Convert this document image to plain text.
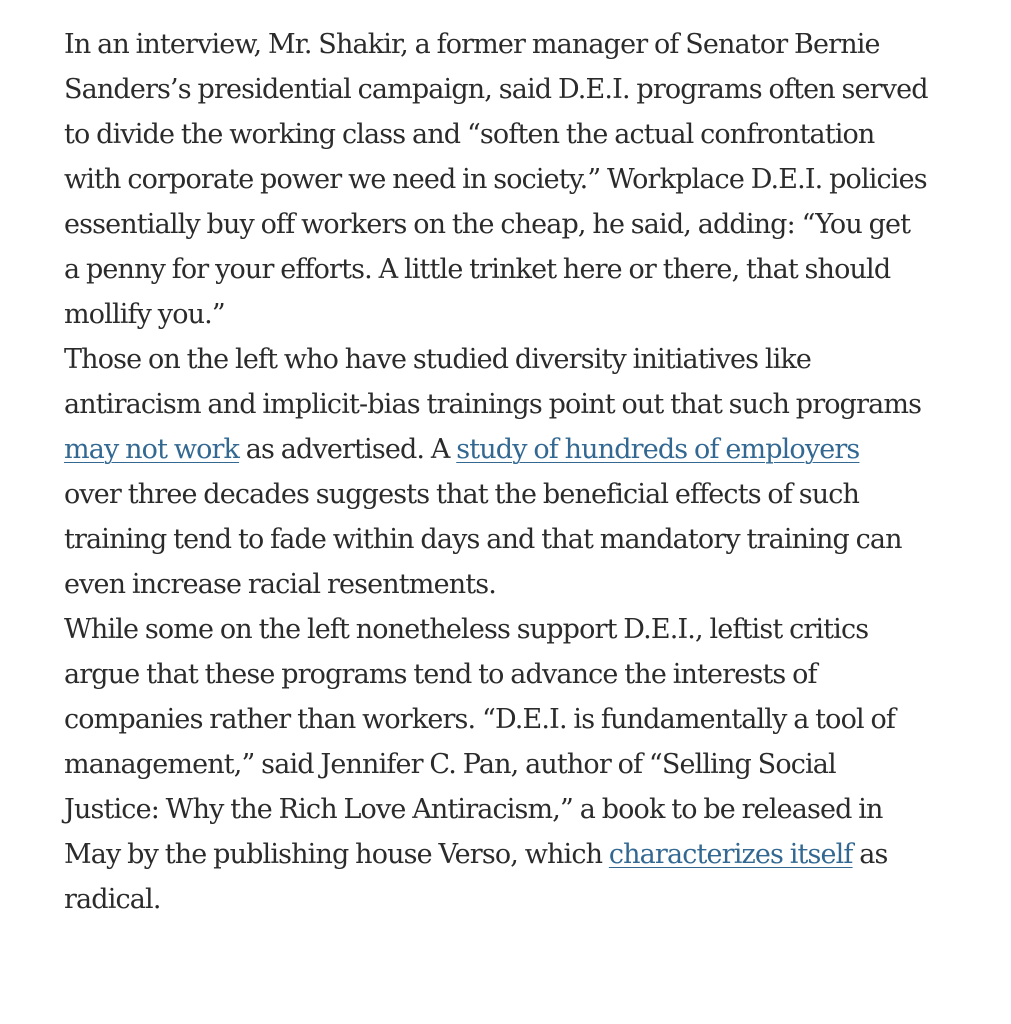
In an interview, Mr. Shakir, a former manager of Senator Bernie
Sanders’s presidential campaign, said D.E.I. programs often served
to divide the working class and “soften the actual confrontation
with corporate power we need in society.” Workplace D.E.I. policies
essentially buy off workers on the cheap, he said, adding: “You get
a penny for your efforts. A little trinket here or there, that should
mollify you.”

Those on the left who have studied diversity initiatives like
antiracism and implicit-bias trainings point out that such programs
may not work as advertised. A study of hundreds of employers
over three decades suggests that the beneficial effects of such
training tend to fade within days and that mandatory training can
even increase racial resentments.

While some on the left nonetheless support D.E.I., leftist critics
argue that these programs tend to advance the interests of
companies rather than workers. “D.E.I. is fundamentally a tool of
management,” said Jennifer C. Pan, author of “Selling Social
Justice: Why the Rich Love Antiracism,” a book to be released in
May by the publishing house Verso, which characterizes itself as
radical.
